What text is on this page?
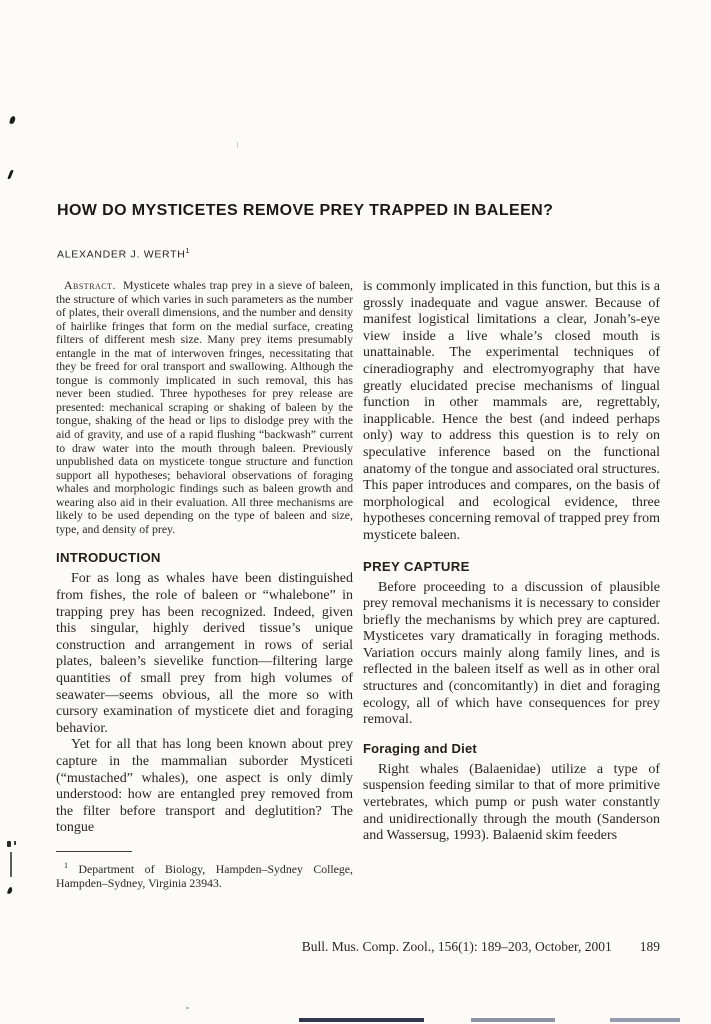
HOW DO MYSTICETES REMOVE PREY TRAPPED IN BALEEN?
ALEXANDER J. WERTH$^1$

Abstract. Mysticete whales trap prey in a sieve of baleen, the structure of which varies in such parameters as the number of plates, their overall dimensions, and the number and density of hairlike fringes that form on the medial surface, creating filters of different mesh size. Many prey items presumably entangle in the mat of interwoven fringes, necessitating that they be freed for oral transport and swallowing. Although the tongue is commonly implicated in such removal, this has never been studied. Three hypotheses for prey release are presented: mechanical scraping or shaking of baleen by the tongue, shaking of the head or lips to dislodge prey with the aid of gravity, and use of a rapid flushing “backwash” current to draw water into the mouth through baleen. Previously unpublished data on mysticete tongue structure and function support all hypotheses; behavioral observations of foraging whales and morphologic findings such as baleen growth and wearing also aid in their evaluation. All three mechanisms are likely to be used depending on the type of baleen and size, type, and density of prey.

INTRODUCTION

For as long as whales have been distinguished from fishes, the role of baleen or “whalebone” in trapping prey has been recognized. Indeed, given this singular, highly derived tissue’s unique construction and arrangement in rows of serial plates, baleen’s sievelike function—filtering large quantities of small prey from high volumes of seawater—seems obvious, all the more so with cursory examination of mysticete diet and foraging behavior.

Yet for all that has long been known about prey capture in the mammalian suborder Mysticeti (“mustached” whales), one aspect is only dimly understood: how are entangled prey removed from the filter before transport and deglutition? The tongue

$^1$ Department of Biology, Hampden–Sydney College, Hampden–Sydney, Virginia 23943.

is commonly implicated in this function, but this is a grossly inadequate and vague answer. Because of manifest logistical limitations a clear, Jonah’s-eye view inside a live whale’s closed mouth is unattainable. The experimental techniques of cineradiography and electromyography that have greatly elucidated precise mechanisms of lingual function in other mammals are, regrettably, inapplicable. Hence the best (and indeed perhaps only) way to address this question is to rely on speculative inference based on the functional anatomy of the tongue and associated oral structures. This paper introduces and compares, on the basis of morphological and ecological evidence, three hypotheses concerning removal of trapped prey from mysticete baleen.

PREY CAPTURE

Before proceeding to a discussion of plausible prey removal mechanisms it is necessary to consider briefly the mechanisms by which prey are captured. Mysticetes vary dramatically in foraging methods. Variation occurs mainly along family lines, and is reflected in the baleen itself as well as in other oral structures and (concomitantly) in diet and foraging ecology, all of which have consequences for prey removal.

Foraging and Diet

Right whales (Balaenidae) utilize a type of suspension feeding similar to that of more primitive vertebrates, which pump or push water constantly and unidirectionally through the mouth (Sanderson and Wassersug, 1993). Balaenid skim feeders

Bull. Mus. Comp. Zool., 156(1): 189–203, October, 2001 189
